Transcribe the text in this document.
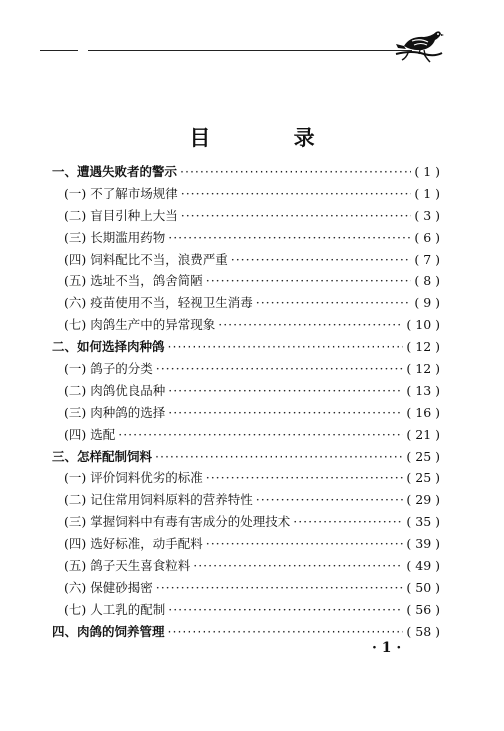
目 录
一、遭遇失败者的警示 ·····	( 1 )
(一) 不了解市场规律 ·····	( 1 )
(二) 盲目引种上大当 ·····	( 3 )
(三) 长期滥用药物 ·····	( 6 )
(四) 饲料配比不当，浪费严重 ·····	( 7 )
(五) 选址不当，鸽舍简陋 ·····	( 8 )
(六) 疫苗使用不当，轻视卫生消毒 ·····	( 9 )
(七) 肉鸽生产中的异常现象 ·····	( 10 )
二、如何选择肉种鸽 ·····	( 12 )
(一) 鸽子的分类 ·····	( 12 )
(二) 肉鸽优良品种 ·····	( 13 )
(三) 肉种鸽的选择 ·····	( 16 )
(四) 选配 ·····	( 21 )
三、怎样配制饲料 ·····	( 25 )
(一) 评价饲料优劣的标准 ·····	( 25 )
(二) 记住常用饲料原料的营养特性 ·····	( 29 )
(三) 掌握饲料中有毒有害成分的处理技术 ·····	( 35 )
(四) 选好标准，动手配料 ·····	( 39 )
(五) 鸽子天生喜食粒料 ·····	( 49 )
(六) 保健砂揭密 ·····	( 50 )
(七) 人工乳的配制 ·····	( 56 )
四、肉鸽的饲养管理 ·····	( 58 )
· 1 ·
